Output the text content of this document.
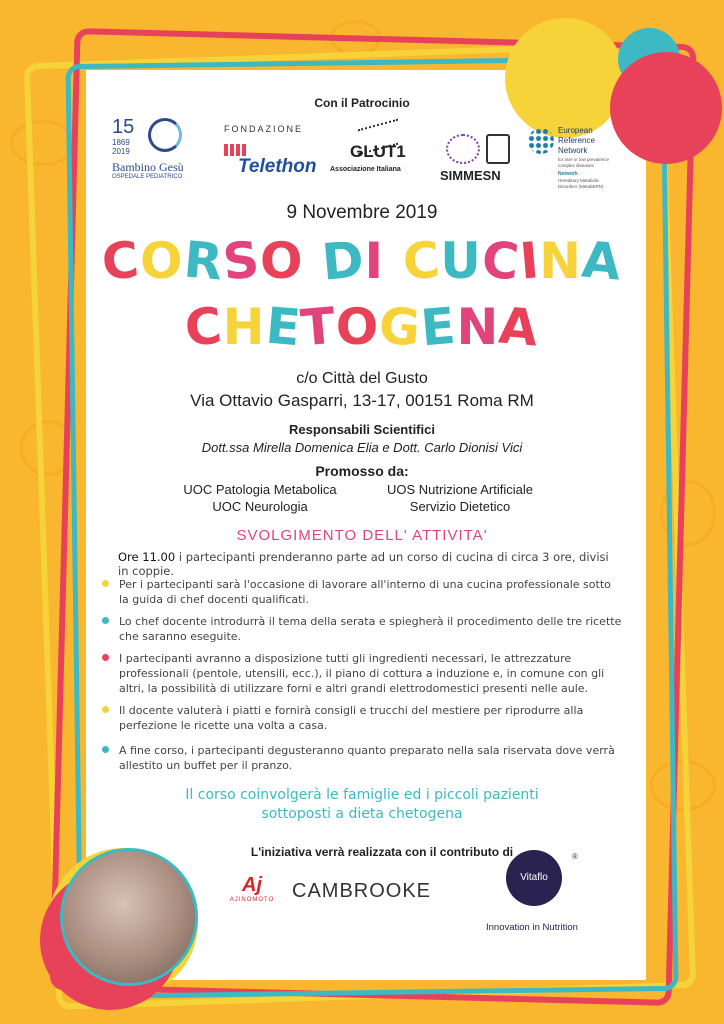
Con il Patrocinio
15
1869
2019
Bambino Gesù
OSPEDALE PEDIATRICO
FONDAZIONE
Telethon
GLUT1
Associazione Italiana	SIMMESN
European
Reference
Network
for rare or low prevalence
complex diseases
Network
Hereditary Metabolic
Disorders (MetabERN)
9 Novembre 2019
CORSO DI CUCINA
CHETOGENA
c/o Città del Gusto
Via Ottavio Gasparri, 13-17, 00151 Roma RM
Responsabili Scientifici
Dott.ssa Mirella Domenica Elia e Dott. Carlo Dionisi Vici
Promosso da:
UOC Patologia Metabolica	UOS Nutrizione Artificiale
UOC Neurologia	Servizio Dietetico
SVOLGIMENTO DELL' ATTIVITA'
Ore 11.00 i partecipanti prenderanno parte ad un corso di cucina di circa 3 ore, divisi in coppie.

Per i partecipanti sarà l'occasione di lavorare all'interno di una cucina professionale sotto la guida di chef docenti qualificati.

Lo chef docente introdurrà il tema della serata e spiegherà il procedimento delle tre ricette che saranno eseguite.

I partecipanti avranno a disposizione tutti gli ingredienti necessari, le attrezzature professionali (pentole, utensili, ecc.), il piano di cottura a induzione e, in comune con gli altri, la possibilità di utilizzare forni e altri grandi elettrodomestici presenti nelle aule.

Il docente valuterà i piatti e fornirà consigli e trucchi del mestiere per riprodurre alla perfezione le ricette una volta a casa.

A fine corso, i partecipanti degusteranno quanto preparato nella sala riservata dove verrà allestito un buffet per il pranzo.

Il corso coinvolgerà le famiglie ed i piccoli pazienti
sottoposti a dieta chetogena
L'iniziativa verrà realizzata con il contributo di
Aj
AJINOMOTO CAMBROOKE
Vitaflo
®
Innovation in Nutrition
